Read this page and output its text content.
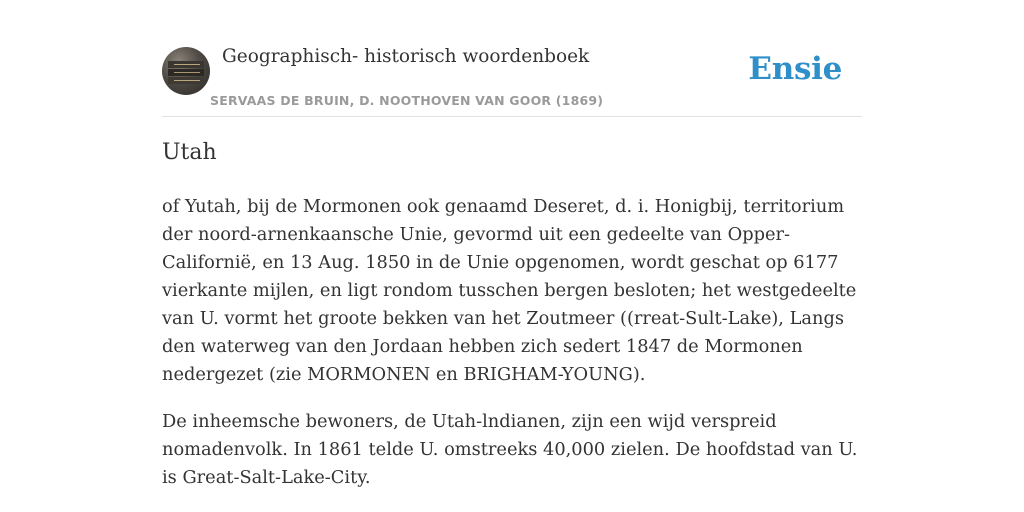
Geographisch- historisch woordenboek
SERVAAS DE BRUIN, D. NOOTHOVEN VAN GOOR (1869)
Ensie
Utah

of Yutah, bij de Mormonen ook genaamd Deseret, d. i. Honigbij, territorium der noord-arnenkaansche Unie, gevormd uit een gedeelte van Opper-Californië, en 13 Aug. 1850 in de Unie opgenomen, wordt geschat op 6177 vierkante mijlen, en ligt rondom tusschen bergen besloten; het westgedeelte van U. vormt het groote bekken van het Zoutmeer ((rreat-Sult-Lake), Langs den waterweg van den Jordaan hebben zich sedert 1847 de Mormonen nedergezet (zie MORMONEN en BRIGHAM-YOUNG).

De inheemsche bewoners, de Utah-lndianen, zijn een wijd verspreid nomadenvolk. In 1861 telde U. omstreeks 40,000 zielen. De hoofdstad van U. is Great-Salt-Lake-City.
